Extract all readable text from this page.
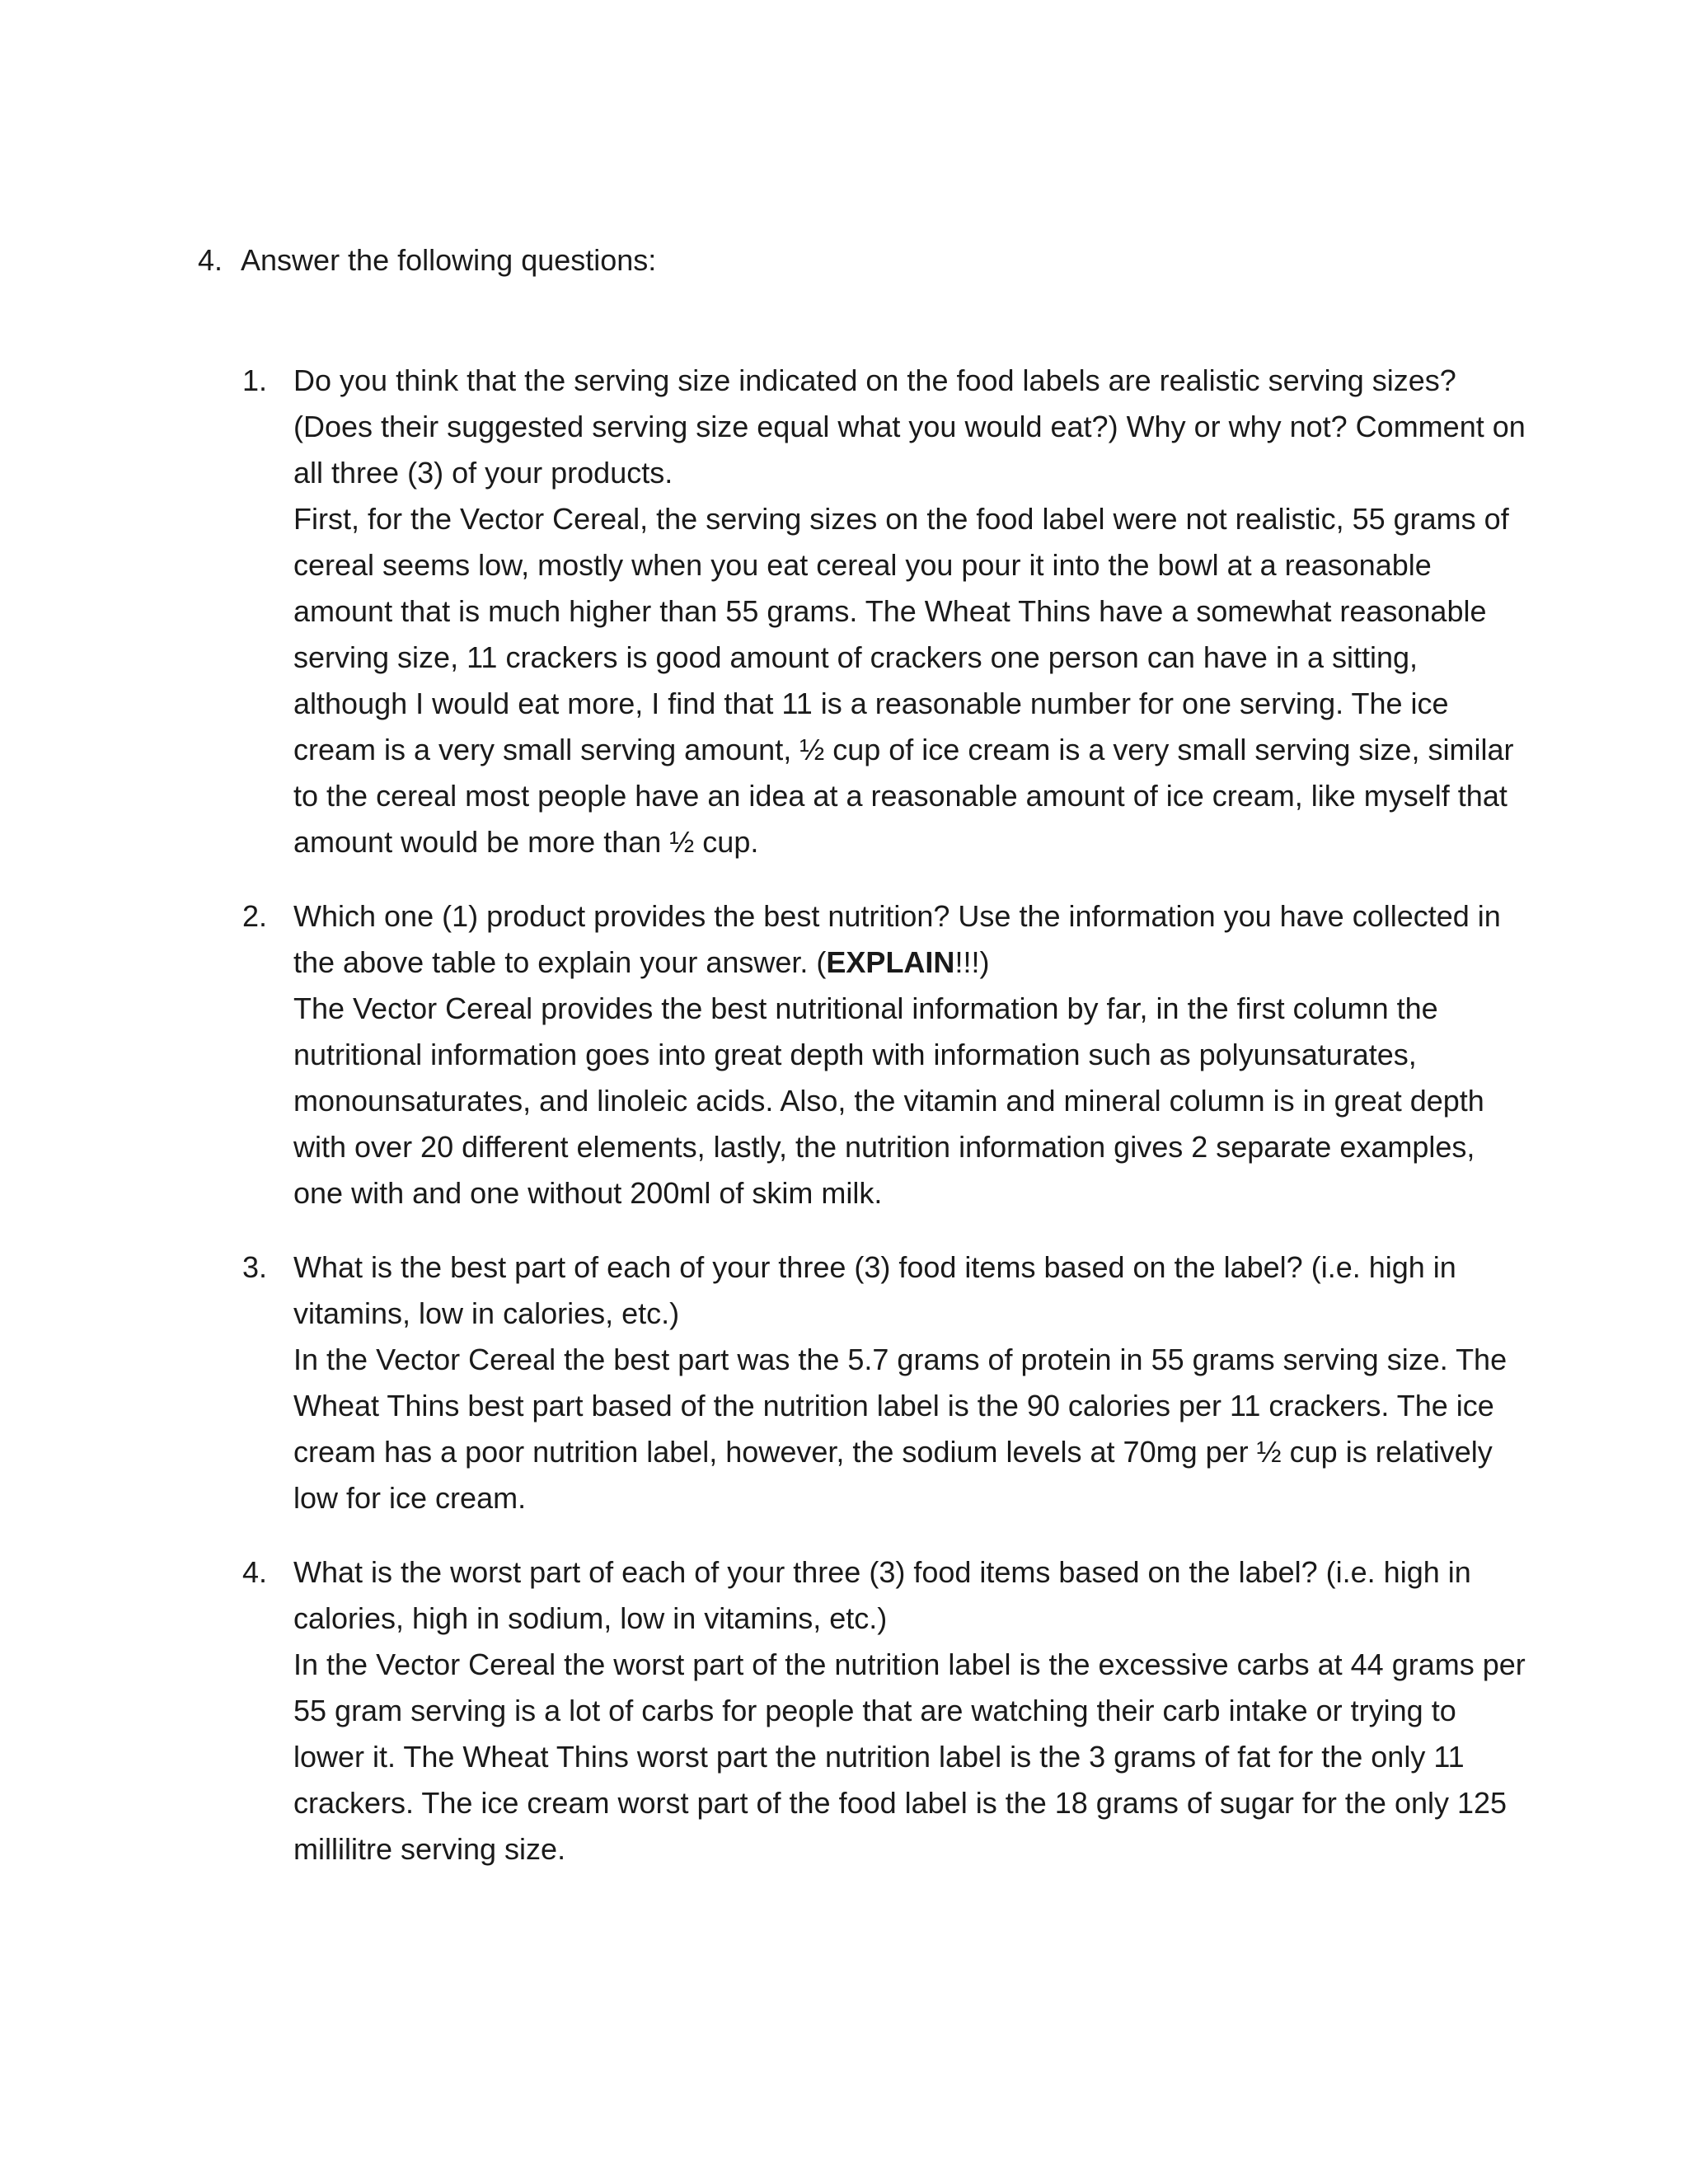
4. Answer the following questions:
1. Do you think that the serving size indicated on the food labels are realistic serving sizes? (Does their suggested serving size equal what you would eat?) Why or why not? Comment on all three (3) of your products.

First, for the Vector Cereal, the serving sizes on the food label were not realistic, 55 grams of cereal seems low, mostly when you eat cereal you pour it into the bowl at a reasonable amount that is much higher than 55 grams. The Wheat Thins have a somewhat reasonable serving size, 11 crackers is good amount of crackers one person can have in a sitting, although I would eat more, I find that 11 is a reasonable number for one serving. The ice cream is a very small serving amount, ½ cup of ice cream is a very small serving size, similar to the cereal most people have an idea at a reasonable amount of ice cream, like myself that amount would be more than ½ cup.

2. Which one (1) product provides the best nutrition? Use the information you have collected in the above table to explain your answer. (EXPLAIN!!!)

The Vector Cereal provides the best nutritional information by far, in the first column the nutritional information goes into great depth with information such as polyunsaturates, monounsaturates, and linoleic acids. Also, the vitamin and mineral column is in great depth with over 20 different elements, lastly, the nutrition information gives 2 separate examples, one with and one without 200ml of skim milk.

3. What is the best part of each of your three (3) food items based on the label? (i.e. high in vitamins, low in calories, etc.)

In the Vector Cereal the best part was the 5.7 grams of protein in 55 grams serving size. The Wheat Thins best part based of the nutrition label is the 90 calories per 11 crackers. The ice cream has a poor nutrition label, however, the sodium levels at 70mg per ½ cup is relatively low for ice cream.

4. What is the worst part of each of your three (3) food items based on the label? (i.e. high in calories, high in sodium, low in vitamins, etc.)

In the Vector Cereal the worst part of the nutrition label is the excessive carbs at 44 grams per 55 gram serving is a lot of carbs for people that are watching their carb intake or trying to lower it. The Wheat Thins worst part the nutrition label is the 3 grams of fat for the only 11 crackers. The ice cream worst part of the food label is the 18 grams of sugar for the only 125 millilitre serving size.
